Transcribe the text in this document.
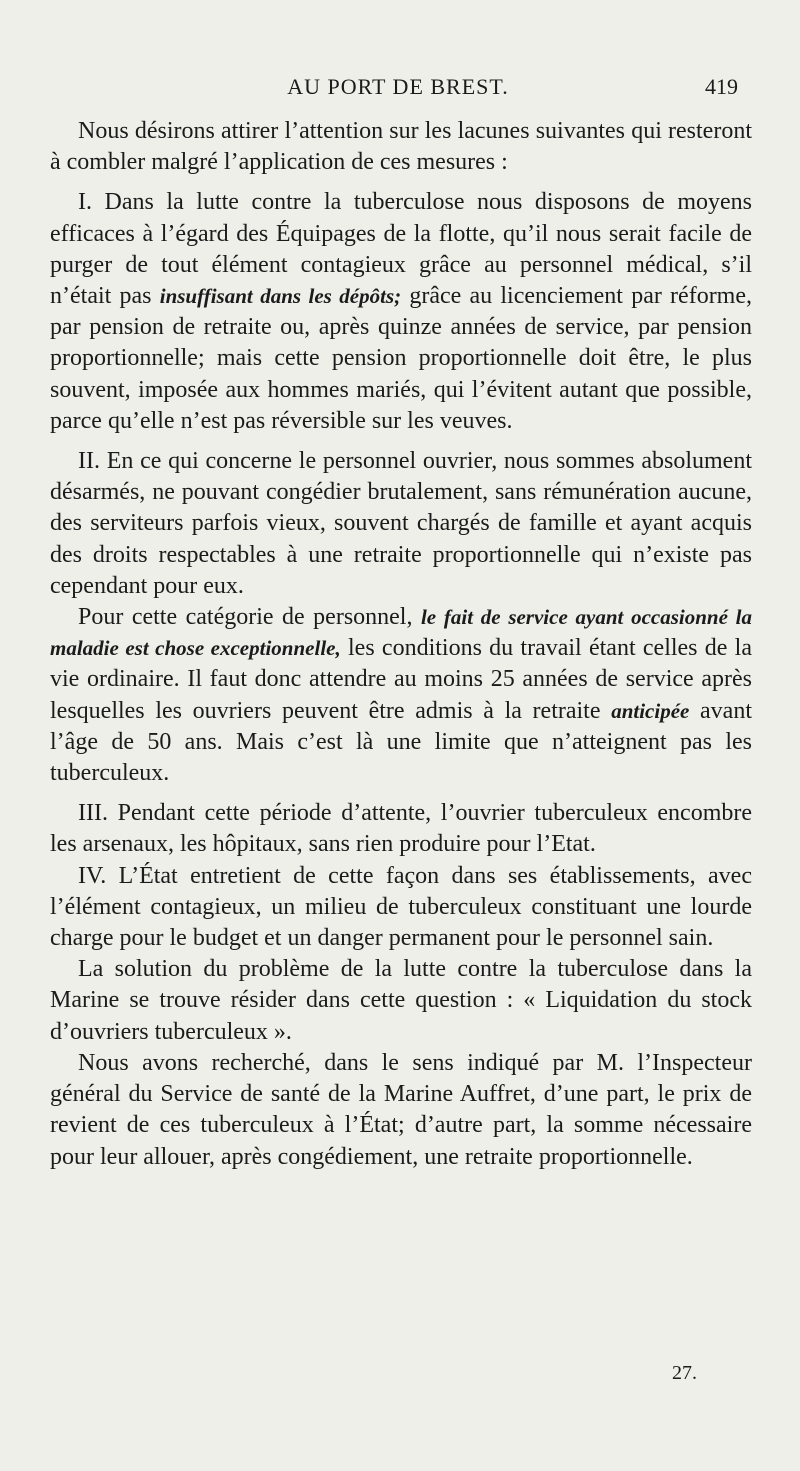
AU PORT DE BREST.	419

Nous désirons attirer l’attention sur les lacunes suivantes qui resteront à combler malgré l’application de ces mesures :

I. Dans la lutte contre la tuberculose nous disposons de moyens efficaces à l’égard des Équipages de la flotte, qu’il nous serait facile de purger de tout élément contagieux grâce au personnel médical, s’il n’était pas insuffisant dans les dépôts; grâce au licenciement par réforme, par pension de retraite ou, après quinze années de service, par pension proportionnelle; mais cette pension proportionnelle doit être, le plus souvent, imposée aux hommes mariés, qui l’évitent autant que possible, parce qu’elle n’est pas réversible sur les veuves.

II. En ce qui concerne le personnel ouvrier, nous sommes absolument désarmés, ne pouvant congédier brutalement, sans rémunération aucune, des serviteurs parfois vieux, souvent chargés de famille et ayant acquis des droits respectables à une retraite proportionnelle qui n’existe pas cependant pour eux.

Pour cette catégorie de personnel, le fait de service ayant occasionné la maladie est chose exceptionnelle, les conditions du travail étant celles de la vie ordinaire. Il faut donc attendre au moins 25 années de service après lesquelles les ouvriers peuvent être admis à la retraite anticipée avant l’âge de 50 ans. Mais c’est là une limite que n’atteignent pas les tuberculeux.

III. Pendant cette période d’attente, l’ouvrier tuberculeux encombre les arsenaux, les hôpitaux, sans rien produire pour l’Etat.

IV. L’État entretient de cette façon dans ses établissements, avec l’élément contagieux, un milieu de tuberculeux constituant une lourde charge pour le budget et un danger permanent pour le personnel sain.

La solution du problème de la lutte contre la tuberculose dans la Marine se trouve résider dans cette question : « Liquidation du stock d’ouvriers tuberculeux ».

Nous avons recherché, dans le sens indiqué par M. l’Inspecteur général du Service de santé de la Marine Auffret, d’une part, le prix de revient de ces tuberculeux à l’État; d’autre part, la somme nécessaire pour leur allouer, après congédiement, une retraite proportionnelle.

27.
